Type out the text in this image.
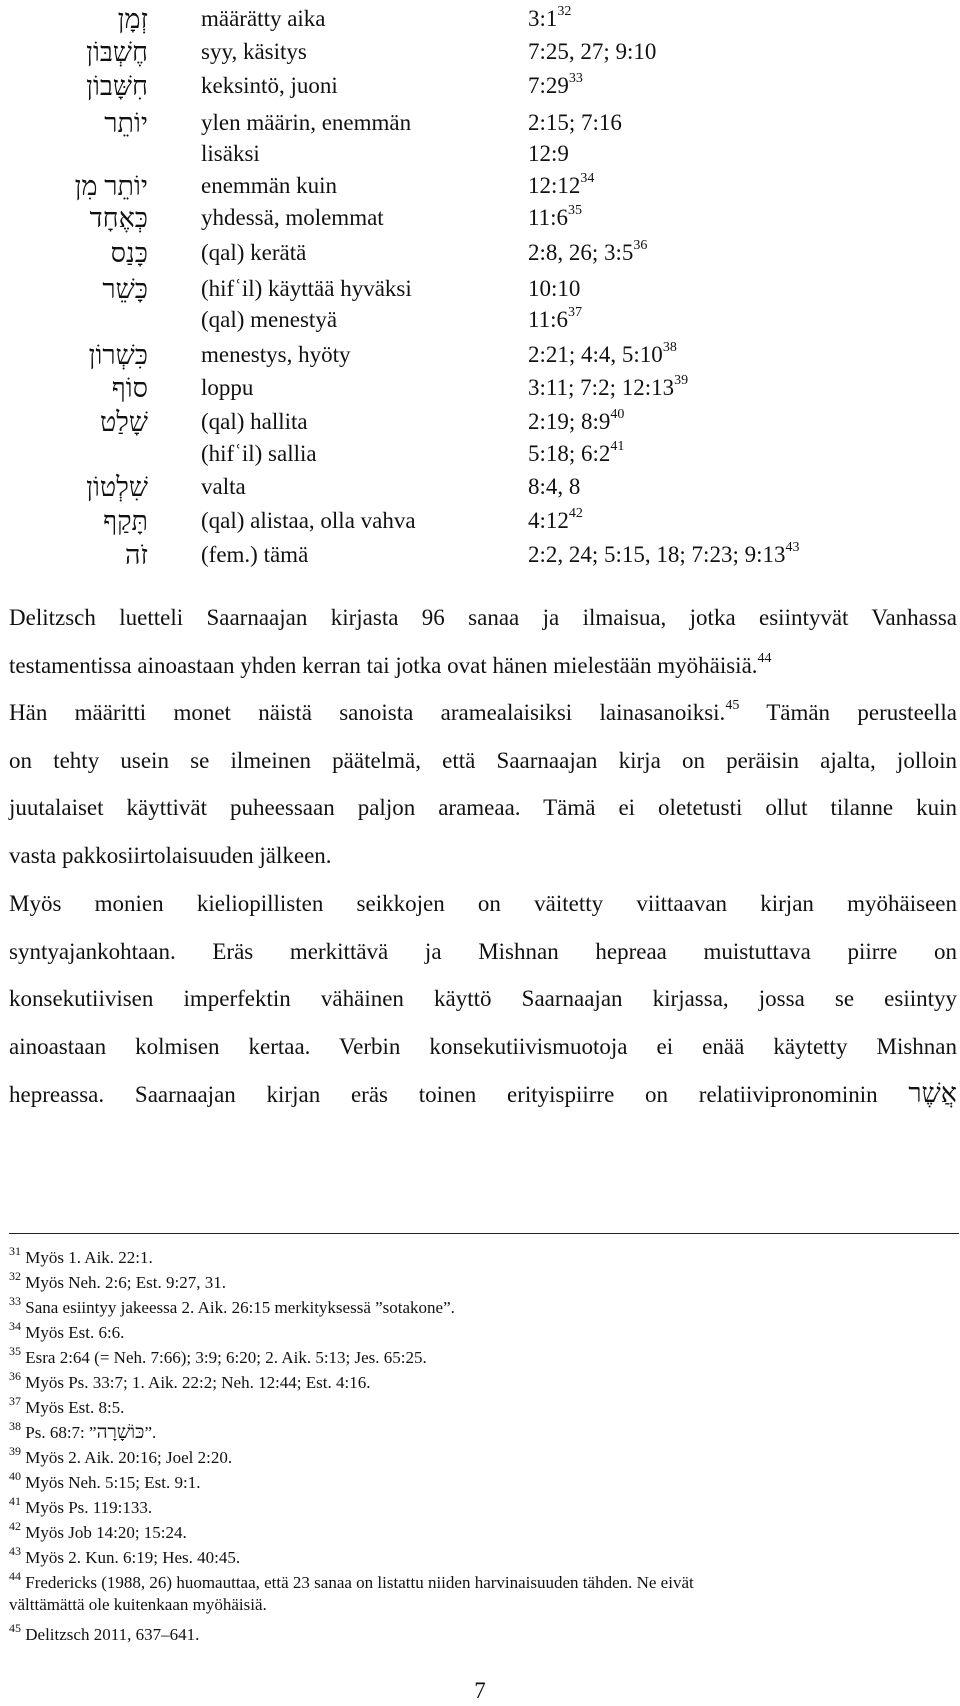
זְמָן määrätty aika	$3:1^{32}$
חֶשְׁבּוֹן syy, käsitys	7:25, 27; 9:10
חִשָּׁבוֹן keksintö, juoni	$7:29^{33}$
יוֹתֵר ylen määrin, enemmän	2:15; 7:16
lisäksi	12:9
יוֹתֵר מִן enemmän kuin	$12:12^{34}$
כְּאֶחָד yhdessä, molemmat	$11:6^{35}$
כָּנַס (qal) kerätä	2:8, 26; $3:5^{36}$
כָּשֵׁר (hifʿil) käyttää hyväksi	10:10
(qal) menestyä	$11:6^{37}$
כִּשְׁרוֹן menestys, hyöty	2:21; 4:4, $5:10^{38}$
סוֹף loppu	3:11; 7:2; $12:13^{39}$
שָׁלַט (qal) hallita	2:19; $8:9^{40}$
(hifʿil) sallia	5:18; $6:2^{41}$
שִׁלְטוֹן valta	8:4, 8
תָּקַף (qal) alistaa, olla vahva	$4:12^{42}$
זֹה (fem.) tämä	2:2, 24; 5:15, 18; 7:23; $9:13^{43}$
Delitzsch luetteli Saarnaajan kirjasta 96 sanaa ja ilmaisua, jotka esiintyvät Vanhassa
testamentissa ainoastaan yhden kerran tai jotka ovat hänen mielestään myöhäisiä.$^{44}$
Hän määritti monet näistä sanoista aramealaisiksi lainasanoiksi.$^{45}$ Tämän perusteella
on tehty usein se ilmeinen päätelmä, että Saarnaajan kirja on peräisin ajalta, jolloin
juutalaiset käyttivät puheessaan paljon arameaa. Tämä ei oletetusti ollut tilanne kuin
vasta pakkosiirtolaisuuden jälkeen.
Myös monien kieliopillisten seikkojen on väitetty viittaavan kirjan myöhäiseen
syntyajankohtaan. Eräs merkittävä ja Mishnan hepreaa muistuttava piirre on
konsekutiivisen imperfektin vähäinen käyttö Saarnaajan kirjassa, jossa se esiintyy
ainoastaan kolmisen kertaa. Verbin konsekutiivismuotoja ei enää käytetty Mishnan
hepreassa. Saarnaajan kirjan eräs toinen erityispiirre on relatiivipronominin אֲשֶׁר
$^{31}$ Myös 1. Aik. 22:1.
$^{32}$ Myös Neh. 2:6; Est. 9:27, 31.
$^{33}$ Sana esiintyy jakeessa 2. Aik. 26:15 merkityksessä ”sotakone”.
$^{34}$ Myös Est. 6:6.
$^{35}$ Esra 2:64 (= Neh. 7:66); 3:9; 6:20; 2. Aik. 5:13; Jes. 65:25.
$^{36}$ Myös Ps. 33:7; 1. Aik. 22:2; Neh. 12:44; Est. 4:16.
$^{37}$ Myös Est. 8:5.
$^{38}$ Ps. 68:7: ”כּוֹשָׁרָה”.
$^{39}$ Myös 2. Aik. 20:16; Joel 2:20.
$^{40}$ Myös Neh. 5:15; Est. 9:1.
$^{41}$ Myös Ps. 119:133.
$^{42}$ Myös Job 14:20; 15:24.
$^{43}$ Myös 2. Kun. 6:19; Hes. 40:45.
$^{44}$ Fredericks (1988, 26) huomauttaa, että 23 sanaa on listattu niiden harvinaisuuden tähden. Ne eivät
välttämättä ole kuitenkaan myöhäisiä.
$^{45}$ Delitzsch 2011, 637–641.
7
